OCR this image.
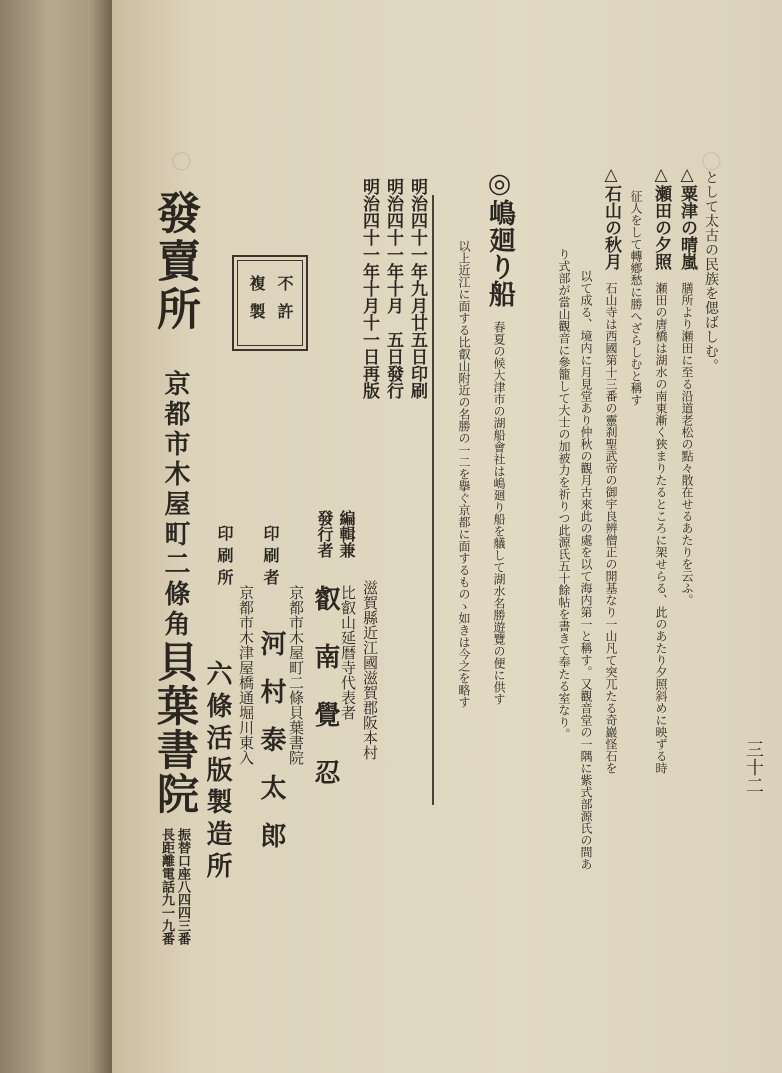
三十二
◯
◯
として太古の民族を偲ばしむ。
△粟津の晴嵐膳所より瀬田に至る沿道老松の點々散在せるあたりを云ふ。
△瀬田の夕照瀬田の唐橋は湖水の南東漸く狹まりたるところに架せらる、此のあたり夕照斜めに映ずる時
征人をして轉鄕愁に勝へざらしむと稱す
△石山の秋月石山寺は西國第十三番の靈刹聖武帝の御宇良辨僧正の開基なり一山凡て突兀たる奇巖怪石を
以て成る、境内に月見堂あり仲秋の觀月古來此の處を以て海内第一と稱す。又觀音堂の一隅に紫式部源氏の間あ
り式部が當山觀音に參籠して大士の加被力を祈りつ此源氏五十餘帖を書きて奉たる室なり。
◎嶋廻り船春夏の候大津市の湖船會社は嶋廻り船を艤して湖水名勝遊覽の便に供す
以上近江に面する比叡山附近の名勝の一二を擧ぐ京都に面するものゝ如きは今之を略す
明治四十一年九月廿五日印刷
明治四十一年十月　五日發行
明治四十一年十月十一日再版
不許
複製
編輯兼
發行者
滋賀縣近江國滋賀郡阪本村
比叡山延暦寺代表者
叡南覺忍
印刷者
京都市木屋町二條貝葉書院
河村泰太郎
印刷所
京都市木津屋橋通堀川東入
六條活版製造所
發賣所
京都市木屋町二條角
貝葉書院
振替口座八四四三番
長距離電話九一九番
